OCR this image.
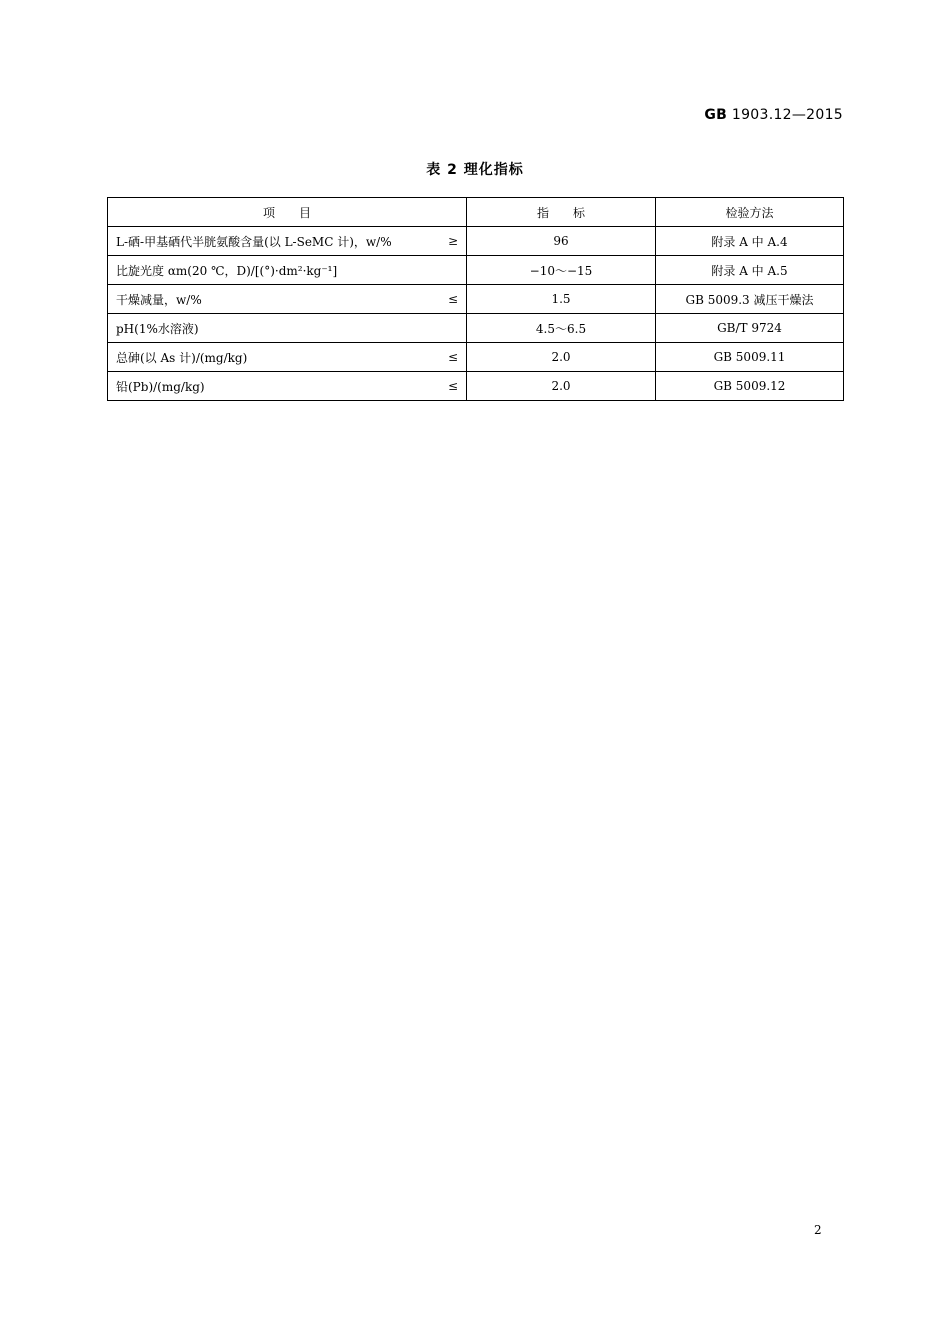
GB 1903.12—2015
表 2 理化指标
项　　目	指　　标	检验方法
L-硒-甲基硒代半胱氨酸含量(以 L-SeMC 计)，w/% ≥	96	附录 A 中 A.4
比旋光度 αm(20 ℃，D)/[(°)·dm²·kg⁻¹]	−10～−15	附录 A 中 A.5
干燥减量，w/% ≤	1.5	GB 5009.3 减压干燥法
pH(1%水溶液)	4.5～6.5	GB/T 9724
总砷(以 As 计)/(mg/kg) ≤	2.0	GB 5009.11
铅(Pb)/(mg/kg) ≤	2.0	GB 5009.12
2
